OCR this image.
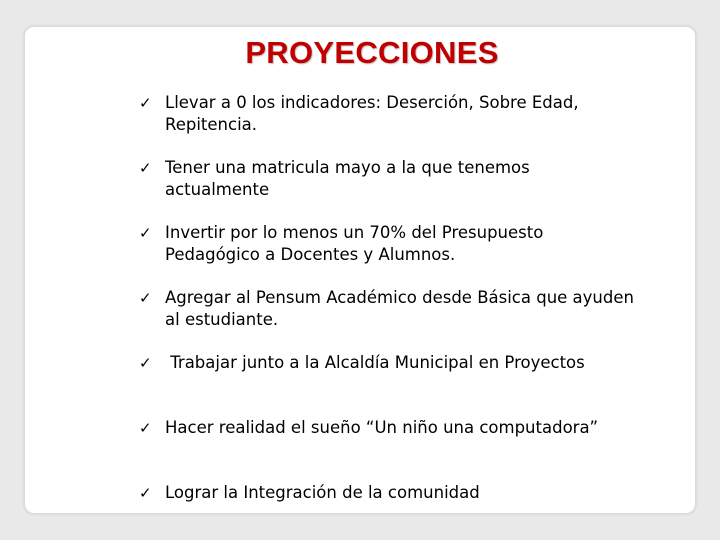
PROYECCIONES
✓ Llevar a 0 los indicadores: Deserción, Sobre Edad, Repitencia.
✓ Tener una matricula mayo a la que tenemos actualmente
✓ Invertir por lo menos un 70% del Presupuesto Pedagógico a Docentes y Alumnos.
✓ Agregar al Pensum Académico desde Básica que ayuden al estudiante.
✓ Trabajar junto a la Alcaldía Municipal en Proyectos
✓ Hacer realidad el sueño “Un niño una computadora”
✓ Lograr la Integración de la comunidad
